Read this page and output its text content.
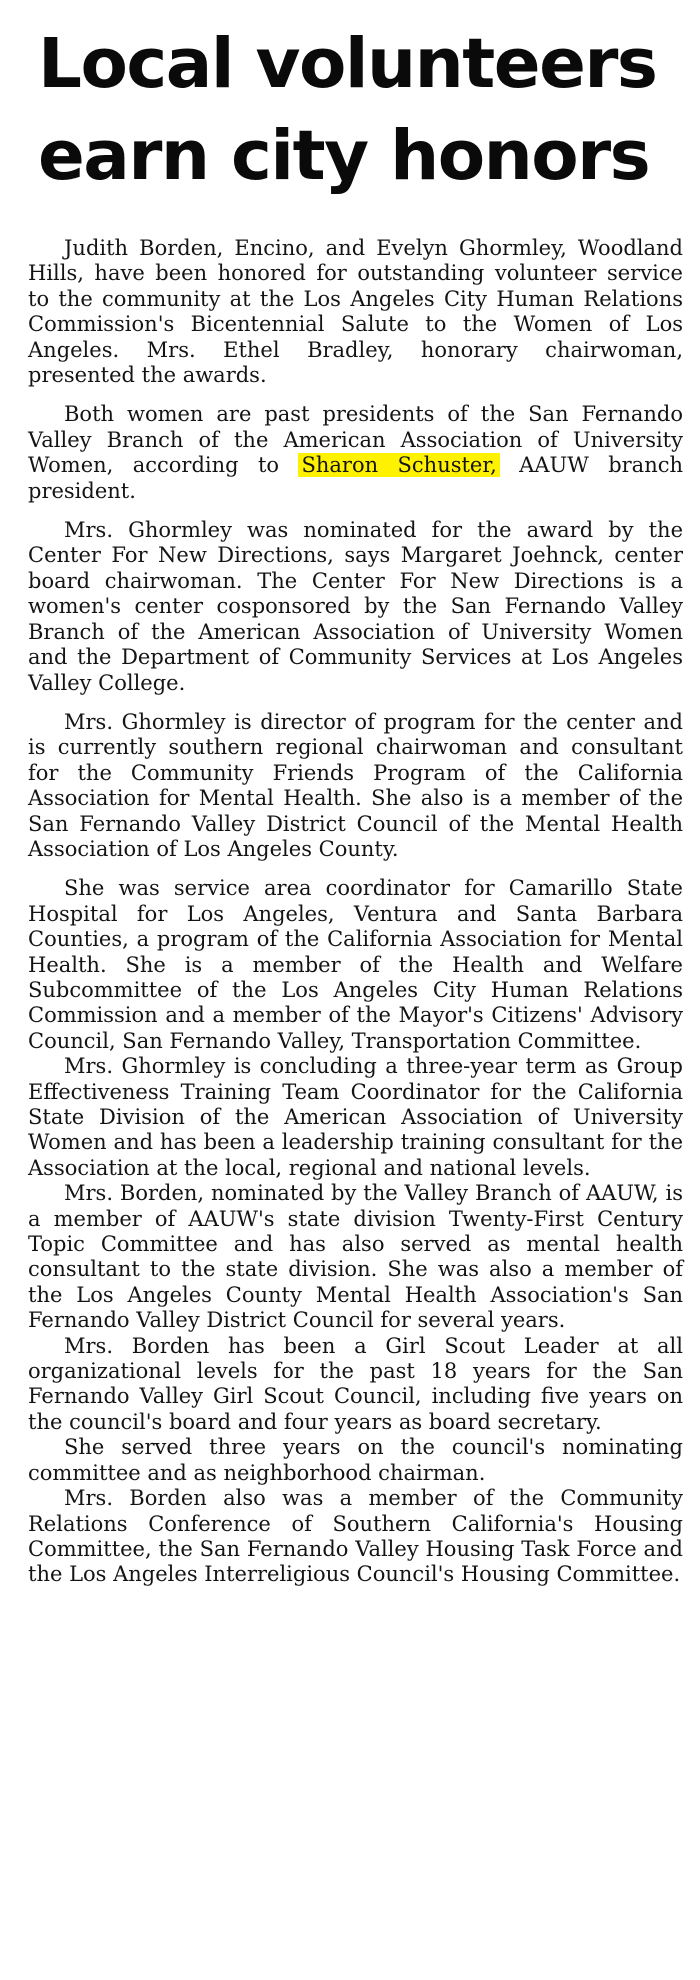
Local volunteers
earn city honors

Judith Borden, Encino, and Evelyn Ghormley, Woodland Hills, have been honored for outstanding volunteer service to the community at the Los Angeles City Human Relations Commission's Bicentennial Salute to the Women of Los Angeles. Mrs. Ethel Bradley, honorary chairwoman, presented the awards.

Both women are past presidents of the San Fernando Valley Branch of the American Association of University Women, according to Sharon Schuster, AAUW branch president.

Mrs. Ghormley was nominated for the award by the Center For New Directions, says Margaret Joehnck, center board chairwoman. The Center For New Directions is a women's center cosponsored by the San Fernando Valley Branch of the American Association of University Women and the Department of Community Services at Los Angeles Valley College.

Mrs. Ghormley is director of program for the center and is currently southern regional chairwoman and consultant for the Community Friends Program of the California Association for Mental Health. She also is a member of the San Fernando Valley District Council of the Mental Health Association of Los Angeles County.

She was service area coordinator for Camarillo State Hospital for Los Angeles, Ventura and Santa Barbara Counties, a program of the California Association for Mental Health. She is a member of the Health and Welfare Subcommittee of the Los Angeles City Human Relations Commission and a member of the Mayor's Citizens' Advisory Council, San Fernando Valley, Transportation Committee.

Mrs. Ghormley is concluding a three-year term as Group Effectiveness Training Team Coordinator for the California State Division of the American Association of University Women and has been a leadership training consultant for the Association at the local, regional and national levels.

Mrs. Borden, nominated by the Valley Branch of AAUW, is a member of AAUW's state division Twenty-First Century Topic Committee and has also served as mental health consultant to the state division. She was also a member of the Los Angeles County Mental Health Association's San Fernando Valley District Council for several years.

Mrs. Borden has been a Girl Scout Leader at all organizational levels for the past 18 years for the San Fernando Valley Girl Scout Council, including five years on the council's board and four years as board secretary.

She served three years on the council's nominating committee and as neighborhood chairman.

Mrs. Borden also was a member of the Community Relations Conference of Southern California's Housing Committee, the San Fernando Valley Housing Task Force and the Los Angeles Interreligious Council's Housing Committee.
